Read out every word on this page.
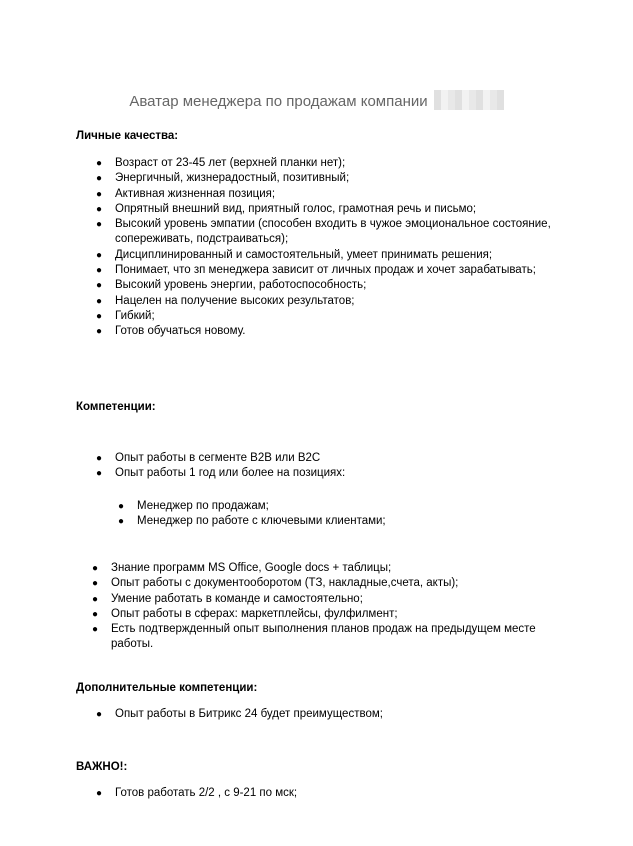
Аватар менеджера по продажам компании
Личные качества:
● Возраст от 23-45 лет (верхней планки нет);
● Энергичный, жизнерадостный, позитивный;
● Активная жизненная позиция;
● Опрятный внешний вид, приятный голос, грамотная речь и письмо;
● Высокий уровень эмпатии (способен входить в чужое эмоциональное состояние, сопереживать, подстраиваться);
● Дисциплинированный и самостоятельный, умеет принимать решения;
● Понимает, что зп менеджера зависит от личных продаж и хочет зарабатывать;
● Высокий уровень энергии, работоспособность;
● Нацелен на получение высоких результатов;
● Гибкий;
● Готов обучаться новому.
Компетенции:
● Опыт работы в сегменте B2B или B2C
● Опыт работы 1 год или более на позициях:
● Менеджер по продажам;
● Менеджер по работе с ключевыми клиентами;
● Знание программ MS Office, Google docs + таблицы;
● Опыт работы с документооборотом (ТЗ, накладные,счета, акты);
● Умение работать в команде и самостоятельно;
● Опыт работы в сферах: маркетплейсы, фулфилмент;
● Есть подтвержденный опыт выполнения планов продаж на предыдущем месте работы.
Дополнительные компетенции:
● Опыт работы в Битрикс 24 будет преимуществом;
ВАЖНО!:
● Готов работать 2/2 , с 9-21 по мск;
